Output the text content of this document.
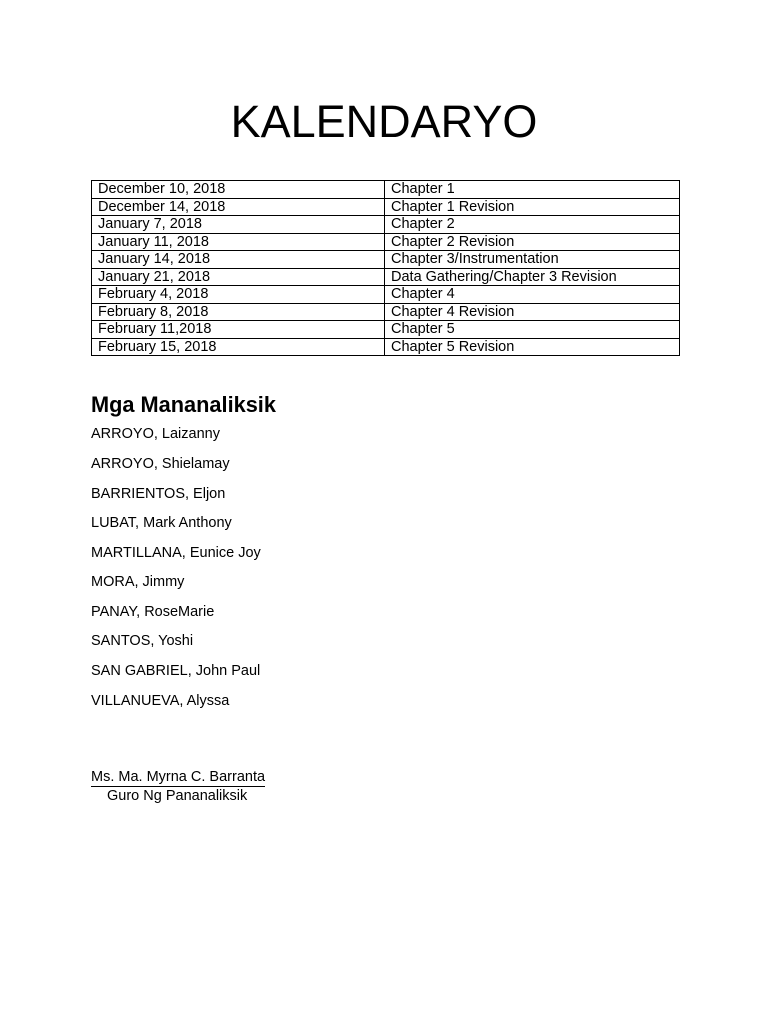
KALENDARYO
December 10, 2018	Chapter 1
December 14, 2018	Chapter 1 Revision
January 7, 2018	Chapter 2
January 11, 2018	Chapter 2 Revision
January 14, 2018	Chapter 3/Instrumentation
January 21, 2018	Data Gathering/Chapter 3 Revision
February 4, 2018	Chapter 4
February 8, 2018	Chapter 4 Revision
February 11,2018	Chapter 5
February 15, 2018	Chapter 5 Revision
Mga Mananaliksik
ARROYO, Laizanny
ARROYO, Shielamay
BARRIENTOS, Eljon
LUBAT, Mark Anthony
MARTILLANA, Eunice Joy
MORA, Jimmy
PANAY, RoseMarie
SANTOS, Yoshi
SAN GABRIEL, John Paul
VILLANUEVA, Alyssa
Ms. Ma. Myrna C. Barranta
Guro Ng Pananaliksik
